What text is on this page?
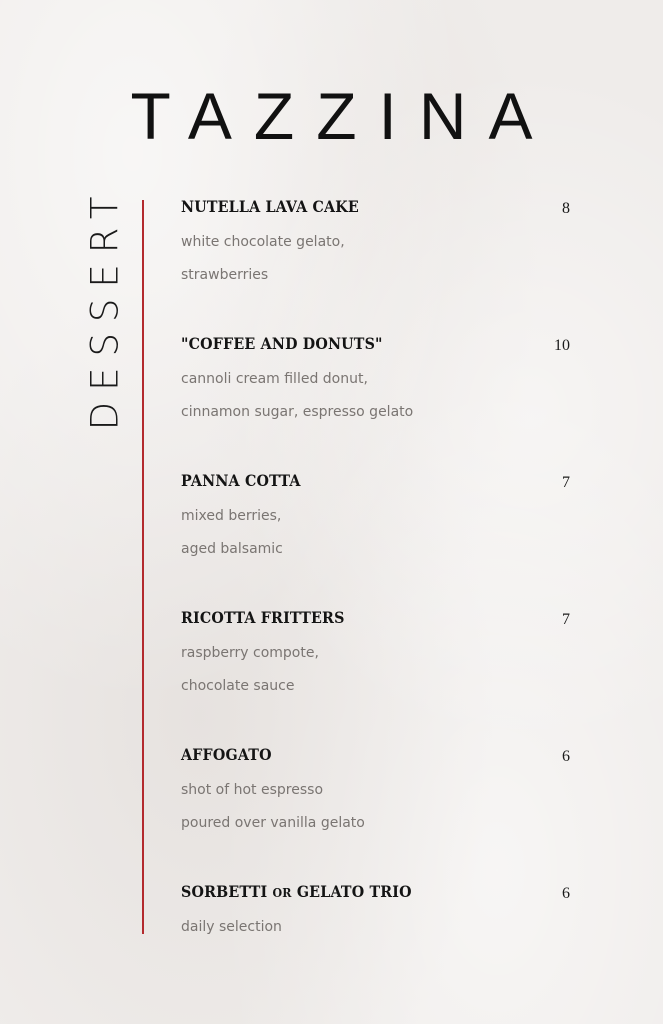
TAZZINA
DESSERT	NUTELLA LAVA CAKE	8
white chocolate gelato,
strawberries
"COFFEE AND DONUTS"	10
cannoli cream filled donut,
cinnamon sugar, espresso gelato
PANNA COTTA	7
mixed berries,
aged balsamic
RICOTTA FRITTERS	7
raspberry compote,
chocolate sauce
AFFOGATO	6
shot of hot espresso
poured over vanilla gelato
SORBETTI OR GELATO TRIO	6
daily selection
